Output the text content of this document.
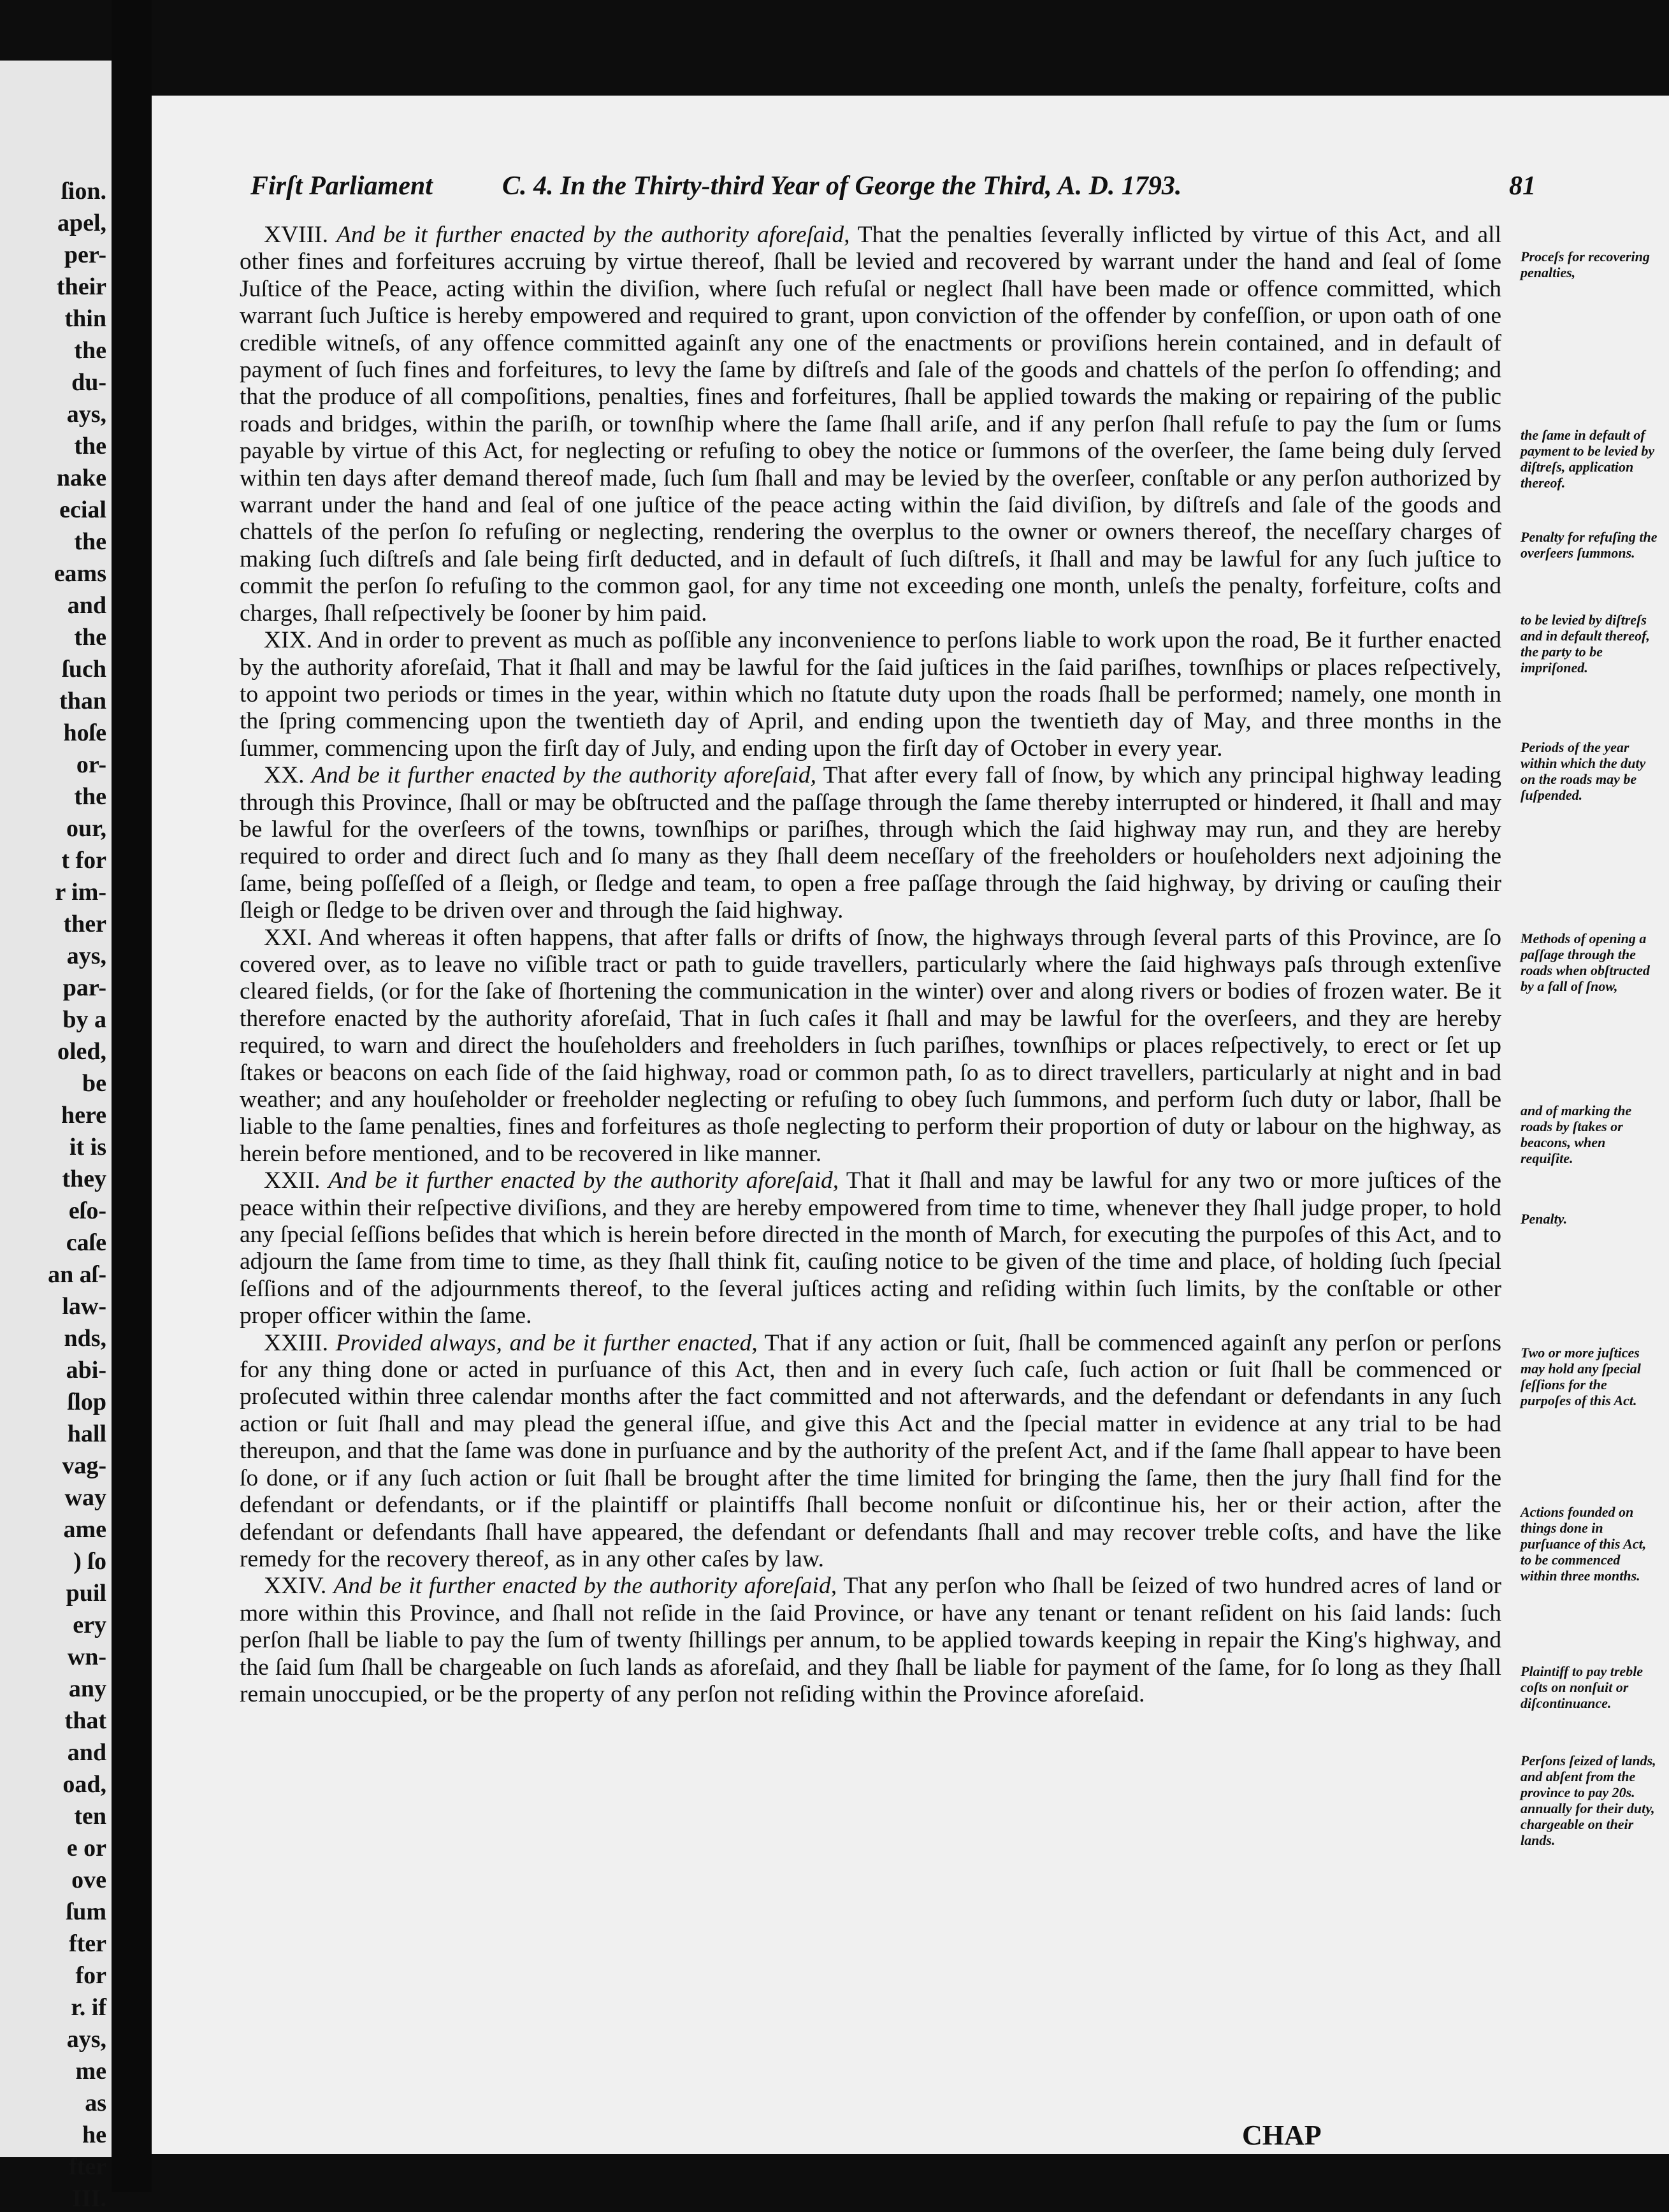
ſion.
apel,
per-
their
thin
the
du-
ays,
the
nake
ecial
the
eams
and
the
ſuch
than
hoſe
or-
the
our,
t for
r im-
ther
ays,
par-
by a
oled,
be
here
it is
they
eſo-
caſe
an aſ-
law-
nds,
abi-
ſlop
hall
vag-
way
ame
) ſo
puil
ery
wn-
any
that
and
oad,
ten
e or
ove
ſum
fter
for
r. if
ays,
me
as
he
fter
III.
Firſt Parliament	C. 4. In the Thirty-third Year of George the Third, A. D. 1793.	81

XVIII. And be it further enacted by the authority aforeſaid, That the penalties ſeverally inflicted by virtue of this Act, and all other fines and forfeitures accruing by virtue thereof, ſhall be levied and recovered by warrant under the hand and ſeal of ſome Juſtice of the Peace, acting within the diviſion, where ſuch refuſal or neglect ſhall have been made or offence committed, which warrant ſuch Juſtice is hereby empowered and required to grant, upon conviction of the offender by confeſſion, or upon oath of one credible witneſs, of any offence committed againſt any one of the enactments or proviſions herein contained, and in default of payment of ſuch fines and forfeitures, to levy the ſame by diſtreſs and ſale of the goods and chattels of the perſon ſo offending; and that the produce of all compoſitions, penalties, fines and forfeitures, ſhall be applied towards the making or repairing of the public roads and bridges, within the pariſh, or townſhip where the ſame ſhall ariſe, and if any perſon ſhall refuſe to pay the ſum or ſums payable by virtue of this Act, for neglecting or refuſing to obey the notice or ſummons of the overſeer, the ſame being duly ſerved within ten days after demand thereof made, ſuch ſum ſhall and may be levied by the overſeer, conſtable or any perſon authorized by warrant under the hand and ſeal of one juſtice of the peace acting within the ſaid diviſion, by diſtreſs and ſale of the goods and chattels of the perſon ſo refuſing or neglecting, rendering the overplus to the owner or owners thereof, the neceſſary charges of making ſuch diſtreſs and ſale being firſt deducted, and in default of ſuch diſtreſs, it ſhall and may be lawful for any ſuch juſtice to commit the perſon ſo refuſing to the common gaol, for any time not exceeding one month, unleſs the penalty, forfeiture, coſts and charges, ſhall reſpectively be ſooner by him paid.

XIX. And in order to prevent as much as poſſible any inconvenience to perſons liable to work upon the road, Be it further enacted by the authority aforeſaid, That it ſhall and may be lawful for the ſaid juſtices in the ſaid pariſhes, townſhips or places reſpectively, to appoint two periods or times in the year, within which no ſtatute duty upon the roads ſhall be performed; namely, one month in the ſpring commencing upon the twentieth day of April, and ending upon the twentieth day of May, and three months in the ſummer, commencing upon the firſt day of July, and ending upon the firſt day of October in every year.

XX. And be it further enacted by the authority aforeſaid, That after every fall of ſnow, by which any principal highway leading through this Province, ſhall or may be obſtructed and the paſſage through the ſame thereby interrupted or hindered, it ſhall and may be lawful for the overſeers of the towns, townſhips or pariſhes, through which the ſaid highway may run, and they are hereby required to order and direct ſuch and ſo many as they ſhall deem neceſſary of the freeholders or houſeholders next adjoining the ſame, being poſſeſſed of a ſleigh, or ſledge and team, to open a free paſſage through the ſaid highway, by driving or cauſing their ſleigh or ſledge to be driven over and through the ſaid highway.

XXI. And whereas it often happens, that after falls or drifts of ſnow, the highways through ſeveral parts of this Province, are ſo covered over, as to leave no viſible tract or path to guide travellers, particularly where the ſaid highways paſs through extenſive cleared fields, (or for the ſake of ſhortening the communication in the winter) over and along rivers or bodies of frozen water. Be it therefore enacted by the authority aforeſaid, That in ſuch caſes it ſhall and may be lawful for the overſeers, and they are hereby required, to warn and direct the houſeholders and freeholders in ſuch pariſhes, townſhips or places reſpectively, to erect or ſet up ſtakes or beacons on each ſide of the ſaid highway, road or common path, ſo as to direct travellers, particularly at night and in bad weather; and any houſeholder or freeholder neglecting or refuſing to obey ſuch ſummons, and perform ſuch duty or labor, ſhall be liable to the ſame penalties, fines and forfeitures as thoſe neglecting to perform their proportion of duty or labour on the highway, as herein before mentioned, and to be recovered in like manner.

XXII. And be it further enacted by the authority aforeſaid, That it ſhall and may be lawful for any two or more juſtices of the peace within their reſpective diviſions, and they are hereby empowered from time to time, whenever they ſhall judge proper, to hold any ſpecial ſeſſions beſides that which is herein before directed in the month of March, for executing the purpoſes of this Act, and to adjourn the ſame from time to time, as they ſhall think fit, cauſing notice to be given of the time and place, of holding ſuch ſpecial ſeſſions and of the adjournments thereof, to the ſeveral juſtices acting and reſiding within ſuch limits, by the conſtable or other proper officer within the ſame.

XXIII. Provided always, and be it further enacted, That if any action or ſuit, ſhall be commenced againſt any perſon or perſons for any thing done or acted in purſuance of this Act, then and in every ſuch caſe, ſuch action or ſuit ſhall be commenced or proſecuted within three calendar months after the fact committed and not afterwards, and the defendant or defendants in any ſuch action or ſuit ſhall and may plead the general iſſue, and give this Act and the ſpecial matter in evidence at any trial to be had thereupon, and that the ſame was done in purſuance and by the authority of the preſent Act, and if the ſame ſhall appear to have been ſo done, or if any ſuch action or ſuit ſhall be brought after the time limited for bringing the ſame, then the jury ſhall find for the defendant or defendants, or if the plaintiff or plaintiffs ſhall become nonſuit or diſcontinue his, her or their action, after the defendant or defendants ſhall have appeared, the defendant or defendants ſhall and may recover treble coſts, and have the like remedy for the recovery thereof, as in any other caſes by law.

XXIV. And be it further enacted by the authority aforeſaid, That any perſon who ſhall be ſeized of two hundred acres of land or more within this Province, and ſhall not reſide in the ſaid Province, or have any tenant or tenant reſident on his ſaid lands: ſuch perſon ſhall be liable to pay the ſum of twenty ſhillings per annum, to be applied towards keeping in repair the King's highway, and the ſaid ſum ſhall be chargeable on ſuch lands as aforeſaid, and they ſhall be liable for payment of the ſame, for ſo long as they ſhall remain unoccupied, or be the property of any perſon not reſiding within the Province aforeſaid.

Proceſs for recovering penalties,
the ſame in default of payment to be levied by diſtreſs, application thereof.
Penalty for refuſing the overſeers ſummons.
to be levied by diſtreſs and in default thereof, the party to be impriſoned.
Periods of the year within which the duty on the roads may be ſuſpended.
Methods of opening a paſſage through the roads when obſtructed by a fall of ſnow,
and of marking the roads by ſtakes or beacons, when requiſite.
Penalty.
Two or more juſtices may hold any ſpecial ſeſſions for the purpoſes of this Act.
Actions founded on things done in purſuance of this Act, to be commenced within three months.
Plaintiff to pay treble coſts on nonſuit or diſcontinuance.
Perſons ſeized of lands, and abſent from the province to pay 20s. annually for their duty, chargeable on their lands.
CHAP
